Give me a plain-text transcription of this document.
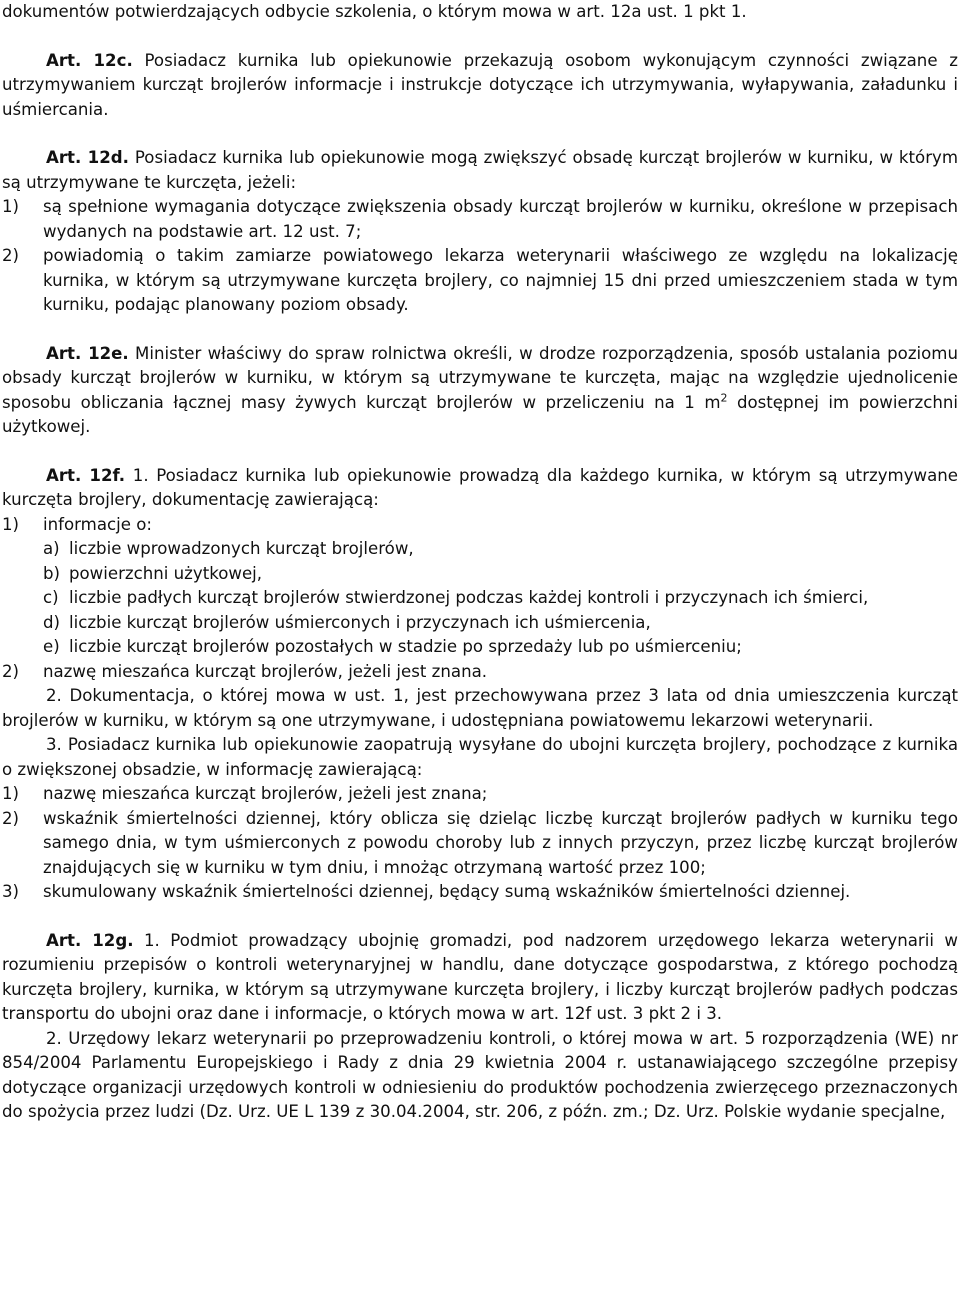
dokumentów potwierdzających odbycie szkolenia, o którym mowa w art. 12a ust. 1 pkt 1.

Art. 12c. Posiadacz kurnika lub opiekunowie przekazują osobom wykonującym czynności związane z utrzymywaniem kurcząt brojlerów informacje i instrukcje dotyczące ich utrzymywania, wyłapywania, załadunku i uśmiercania.

Art. 12d. Posiadacz kurnika lub opiekunowie mogą zwiększyć obsadę kurcząt brojlerów w kurniku, w którym są utrzymywane te kurczęta, jeżeli:

1)	są spełnione wymagania dotyczące zwiększenia obsady kurcząt brojlerów w kurniku, określone w przepisach wydanych na podstawie art. 12 ust. 7;
2)	powiadomią o takim zamiarze powiatowego lekarza weterynarii właściwego ze względu na lokalizację kurnika, w którym są utrzymywane kurczęta brojlery, co najmniej 15 dni przed umieszczeniem stada w tym kurniku, podając planowany poziom obsady.

Art. 12e. Minister właściwy do spraw rolnictwa określi, w drodze rozporządzenia, sposób ustalania poziomu obsady kurcząt brojlerów w kurniku, w którym są utrzymywane te kurczęta, mając na względzie ujednolicenie sposobu obliczania łącznej masy żywych kurcząt brojlerów w przeliczeniu na 1 $m^2$ dostępnej im powierzchni użytkowej.

Art. 12f. 1. Posiadacz kurnika lub opiekunowie prowadzą dla każdego kurnika, w którym są utrzymywane kurczęta brojlery, dokumentację zawierającą:

1)	informacje o:
a) liczbie wprowadzonych kurcząt brojlerów,
b) powierzchni użytkowej,
c) liczbie padłych kurcząt brojlerów stwierdzonej podczas każdej kontroli i przyczynach ich śmierci,
d) liczbie kurcząt brojlerów uśmierconych i przyczynach ich uśmiercenia,
e) liczbie kurcząt brojlerów pozostałych w stadzie po sprzedaży lub po uśmierceniu;
2)	nazwę mieszańca kurcząt brojlerów, jeżeli jest znana.

2. Dokumentacja, o której mowa w ust. 1, jest przechowywana przez 3 lata od dnia umieszczenia kurcząt brojlerów w kurniku, w którym są one utrzymywane, i udostępniana powiatowemu lekarzowi weterynarii.

3. Posiadacz kurnika lub opiekunowie zaopatrują wysyłane do ubojni kurczęta brojlery, pochodzące z kurnika o zwiększonej obsadzie, w informację zawierającą:

1)	nazwę mieszańca kurcząt brojlerów, jeżeli jest znana;
2)	wskaźnik śmiertelności dziennej, który oblicza się dzieląc liczbę kurcząt brojlerów padłych w kurniku tego samego dnia, w tym uśmierconych z powodu choroby lub z innych przyczyn, przez liczbę kurcząt brojlerów znajdujących się w kurniku w tym dniu, i mnożąc otrzymaną wartość przez 100;
3)	skumulowany wskaźnik śmiertelności dziennej, będący sumą wskaźników śmiertelności dziennej.

Art. 12g. 1. Podmiot prowadzący ubojnię gromadzi, pod nadzorem urzędowego lekarza weterynarii w rozumieniu przepisów o kontroli weterynaryjnej w handlu, dane dotyczące gospodarstwa, z którego pochodzą kurczęta brojlery, kurnika, w którym są utrzymywane kurczęta brojlery, i liczby kurcząt brojlerów padłych podczas transportu do ubojni oraz dane i informacje, o których mowa w art. 12f ust. 3 pkt 2 i 3.

2. Urzędowy lekarz weterynarii po przeprowadzeniu kontroli, o której mowa w art. 5 rozporządzenia (WE) nr 854/2004 Parlamentu Europejskiego i Rady z dnia 29 kwietnia 2004 r. ustanawiającego szczególne przepisy dotyczące organizacji urzędowych kontroli w odniesieniu do produktów pochodzenia zwierzęcego przeznaczonych do spożycia przez ludzi (Dz. Urz. UE L 139 z 30.04.2004, str. 206, z późn. zm.; Dz. Urz. Polskie wydanie specjalne,
